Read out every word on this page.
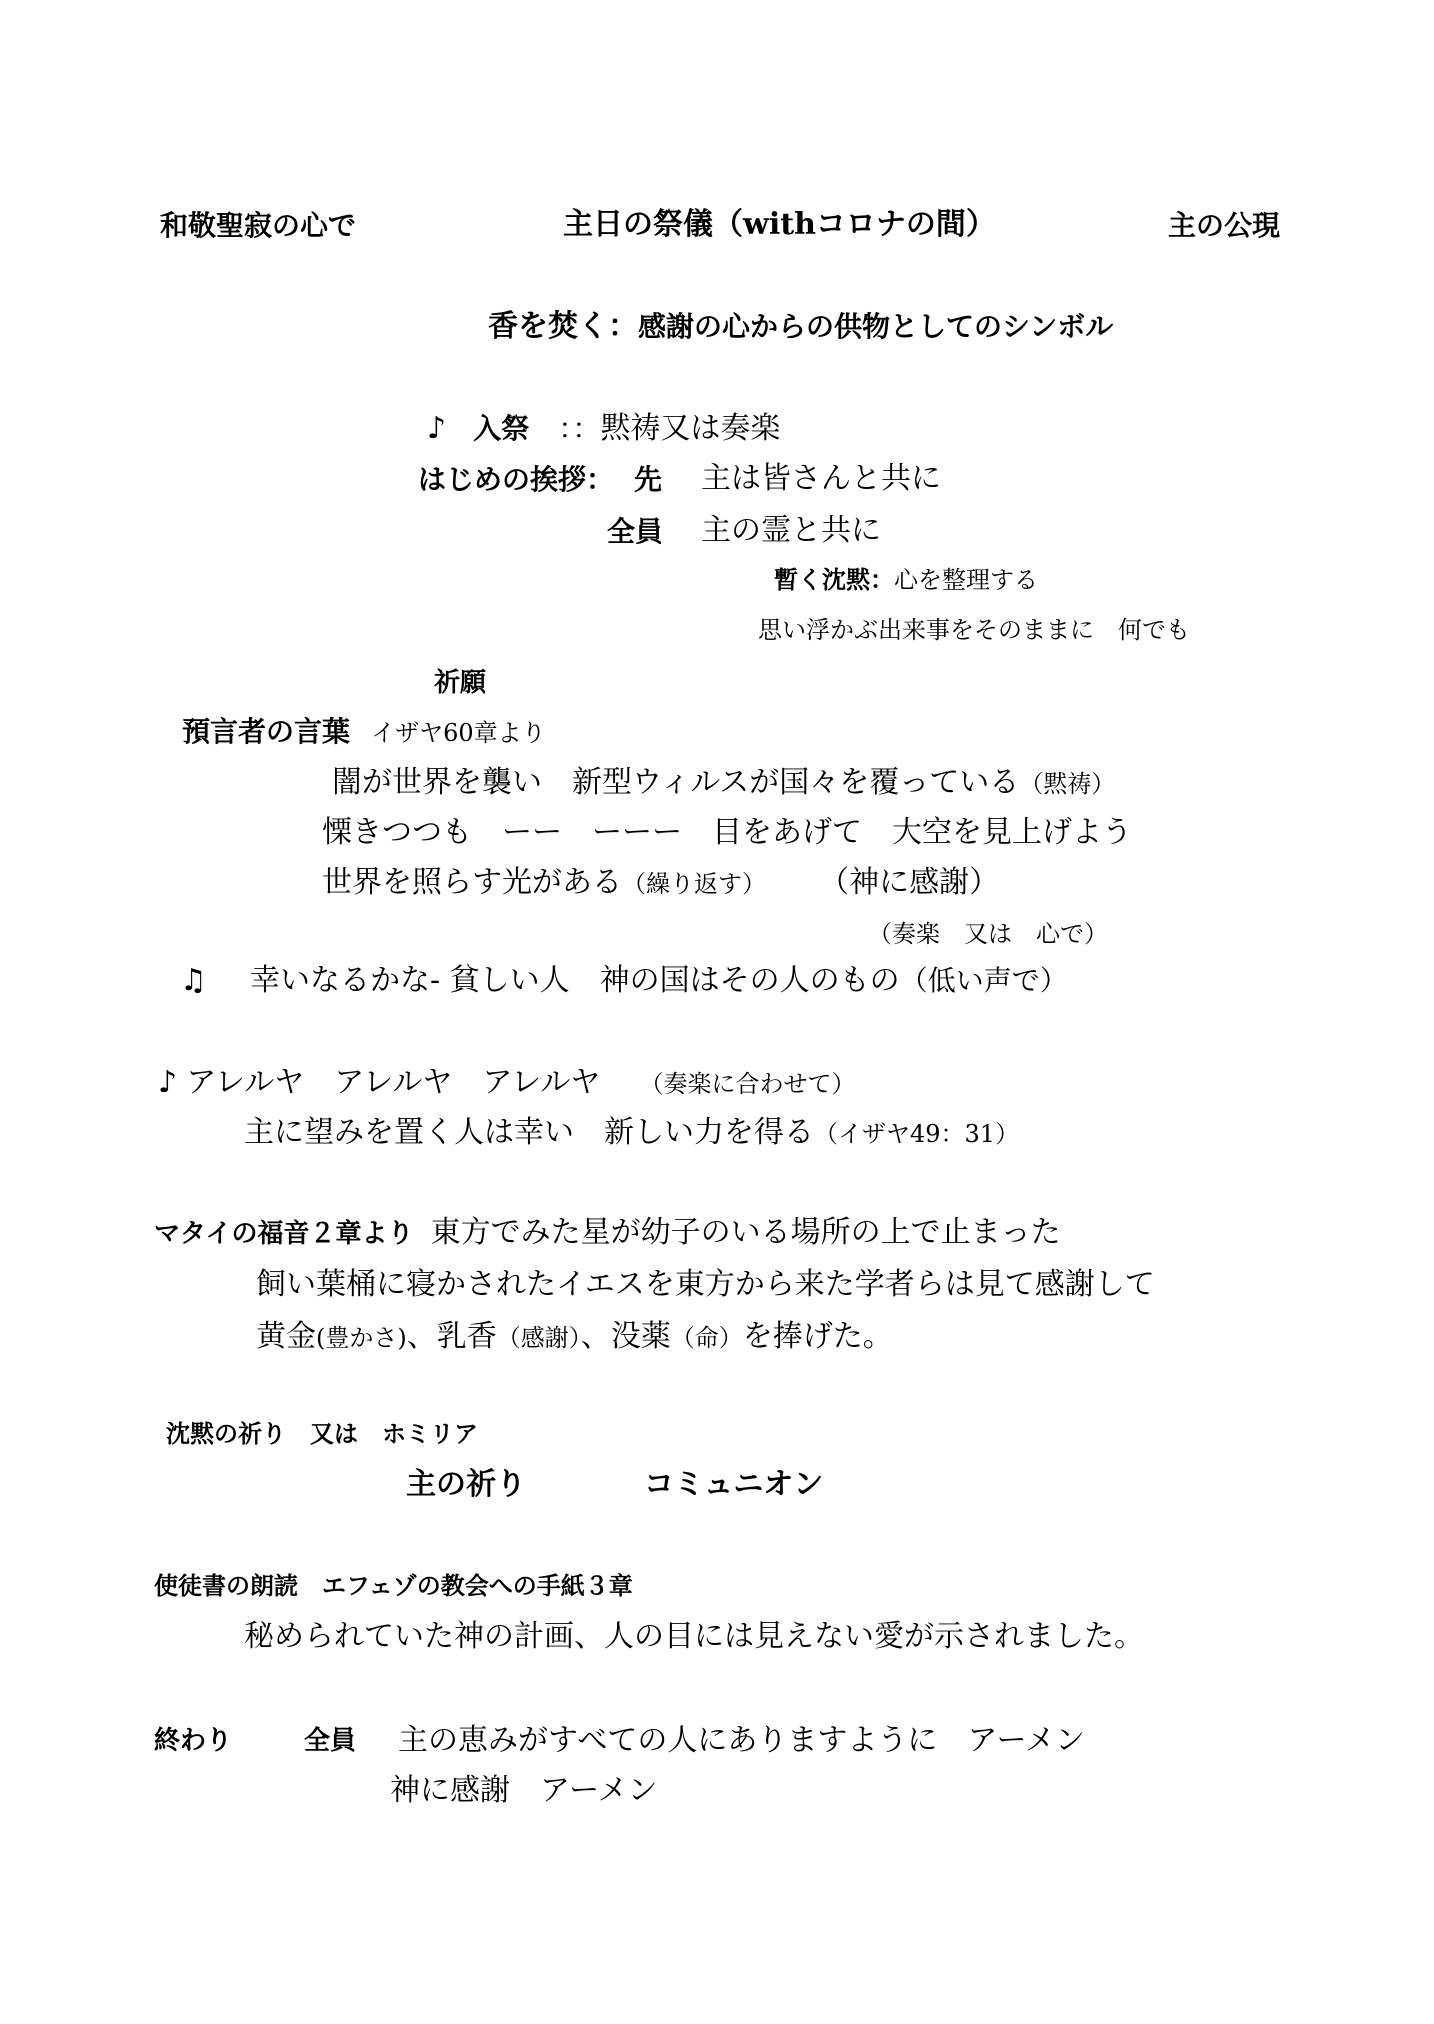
和敬聖寂の心で	主日の祭儀（withコロナの間）	主の公現
香を焚く：感謝の心からの供物としてのシンボル
♪ 入祭 ：：黙祷又は奏楽
はじめの挨拶： 先 主は皆さんと共に
全員 主の霊と共に
暫く沈黙：心を整理する
思い浮かぶ出来事をそのままに　何でも
祈願
預言者の言葉 イザヤ60章より
闇が世界を襲い　新型ウィルスが国々を覆っている（黙祷）
慄きつつも　ーー　ーーー　目をあげて　大空を見上げよう
世界を照らす光がある（繰り返す） （神に感謝）
（奏楽　又は　心で）
♫ 幸いなるかな‐ 貧しい人　神の国はその人のもの（低い声で）
♪ アレルヤ　アレルヤ　アレルヤ （奏楽に合わせて）
主に望みを置く人は幸い　新しい力を得る（イザヤ49：31）
マタイの福音２章より 東方でみた星が幼子のいる場所の上で止まった
飼い葉桶に寝かされたイエスを東方から来た学者らは見て感謝して
黄金(豊かさ)、乳香（感謝）、没薬（命）を捧げた。
沈黙の祈り　又は　ホミリア
主の祈り	コミュニオン
使徒書の朗読　エフェゾの教会への手紙３章
秘められていた神の計画、人の目には見えない愛が示されました。
終わり	全員 主の恵みがすべての人にありますように　アーメン
神に感謝　アーメン
